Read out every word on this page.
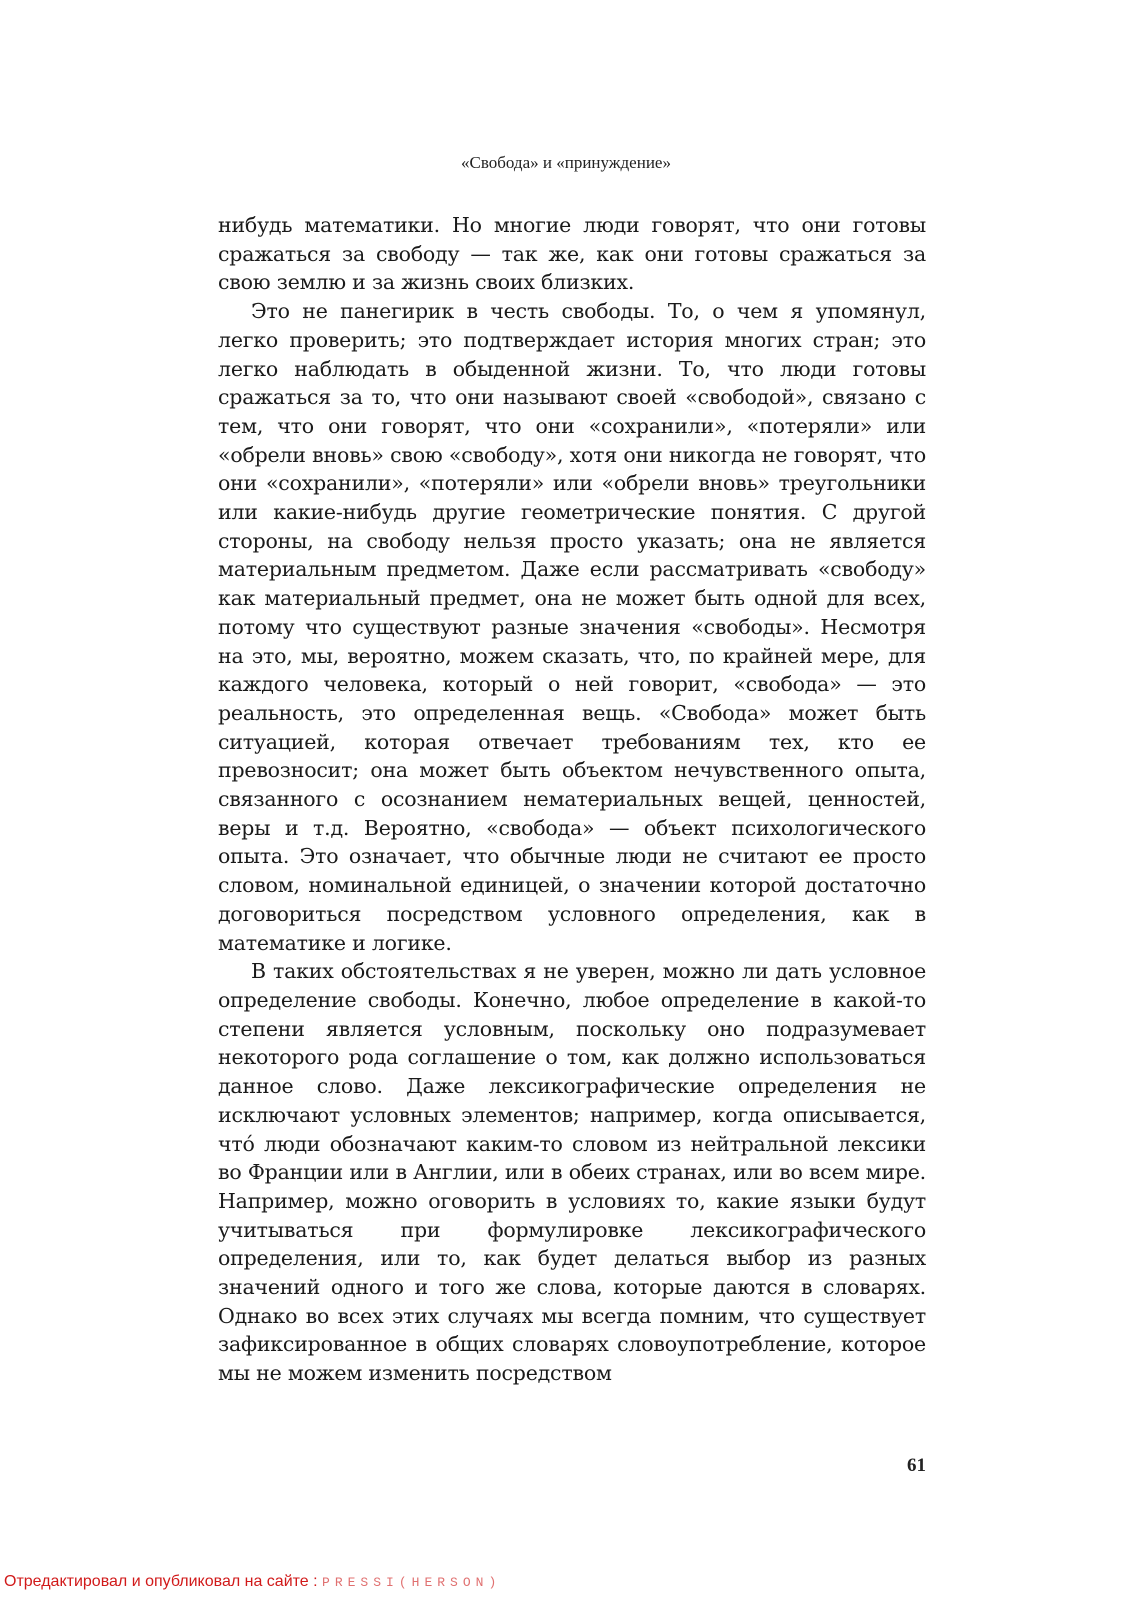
«Свобода» и «принуждение»

нибудь математики. Но многие люди говорят, что они готовы сражаться за свободу — так же, как они готовы сражаться за свою землю и за жизнь своих близких.

Это не панегирик в честь свободы. То, о чем я упомянул, легко проверить; это подтверждает история многих стран; это легко наблюдать в обыденной жизни. То, что люди готовы сражаться за то, что они называют своей «свободой», связано с тем, что они говорят, что они «сохранили», «потеряли» или «обрели вновь» свою «свободу», хотя они никогда не говорят, что они «сохранили», «потеряли» или «обрели вновь» треугольники или какие-нибудь другие геометрические понятия. С другой стороны, на свободу нельзя просто указать; она не является материальным предметом. Даже если рассматривать «свободу» как материальный предмет, она не может быть одной для всех, потому что существуют разные значения «свободы». Несмотря на это, мы, вероятно, можем сказать, что, по крайней мере, для каждого человека, который о ней говорит, «свобода» — это реальность, это определенная вещь. «Свобода» может быть ситуацией, которая отвечает требованиям тех, кто ее превозносит; она может быть объектом нечувственного опыта, связанного с осознанием нематериальных вещей, ценностей, веры и т.д. Вероятно, «свобода» — объект психологического опыта. Это означает, что обычные люди не считают ее просто словом, номинальной единицей, о значении которой достаточно договориться посредством условного определения, как в математике и логике.

В таких обстоятельствах я не уверен, можно ли дать условное определение свободы. Конечно, любое определение в какой-то степени является условным, поскольку оно подразумевает некоторого рода соглашение о том, как должно использоваться данное слово. Даже лексикографические определения не исключают условных элементов; например, когда описывается, что́ люди обозначают каким-то словом из нейтральной лексики во Франции или в Англии, или в обеих странах, или во всем мире. Например, можно оговорить в условиях то, какие языки будут учитываться при формулировке лексикографического определения, или то, как будет делаться выбор из разных значений одного и того же слова, которые даются в словарях. Однако во всех этих случаях мы всегда помним, что существует зафиксированное в общих словарях словоупотребление, которое мы не можем изменить посредством

61
Отредактировал и опубликовал на сайте : PRESSI(HERSON)
